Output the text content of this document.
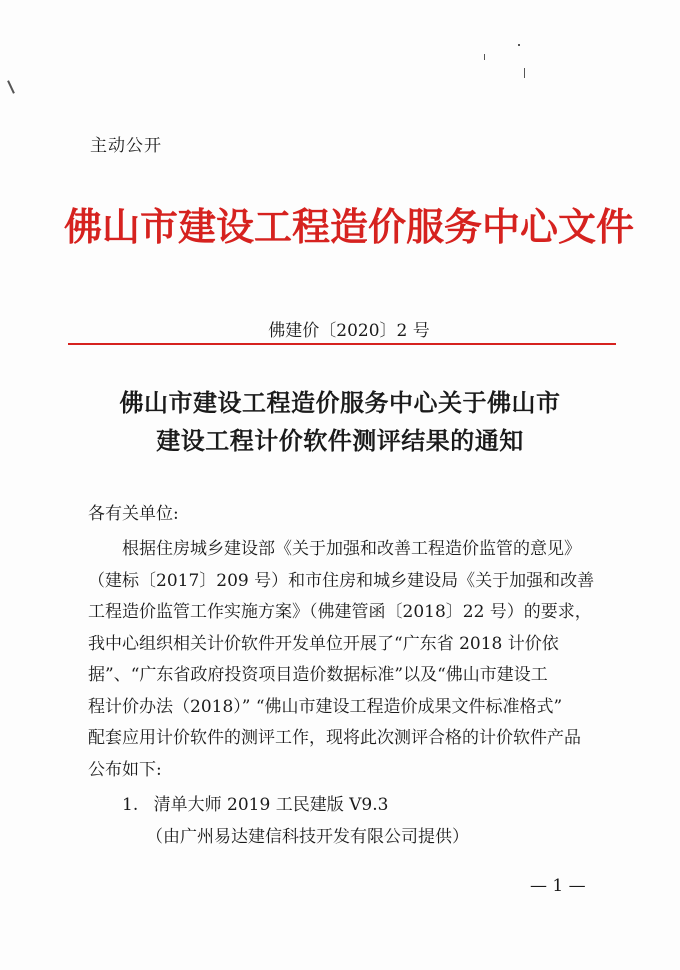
主动公开
佛山市建设工程造价服务中心文件
佛建价〔2020〕2 号
佛山市建设工程造价服务中心关于佛山市
建设工程计价软件测评结果的通知
各有关单位:
根据住房城乡建设部《关于加强和改善工程造价监管的意见》
（建标〔2017〕209 号）和市住房和城乡建设局《关于加强和改善
工程造价监管工作实施方案》（佛建管函〔2018〕22 号）的要求，
我中心组织相关计价软件开发单位开展了“广东省 2018 计价依
据”、“广东省政府投资项目造价数据标准”以及“佛山市建设工
程计价办法（2018）” “佛山市建设工程造价成果文件标准格式”
配套应用计价软件的测评工作，现将此次测评合格的计价软件产品
公布如下:
1. 清单大师 2019 工民建版 V9.3
（由广州易达建信科技开发有限公司提供）
— 1 —
